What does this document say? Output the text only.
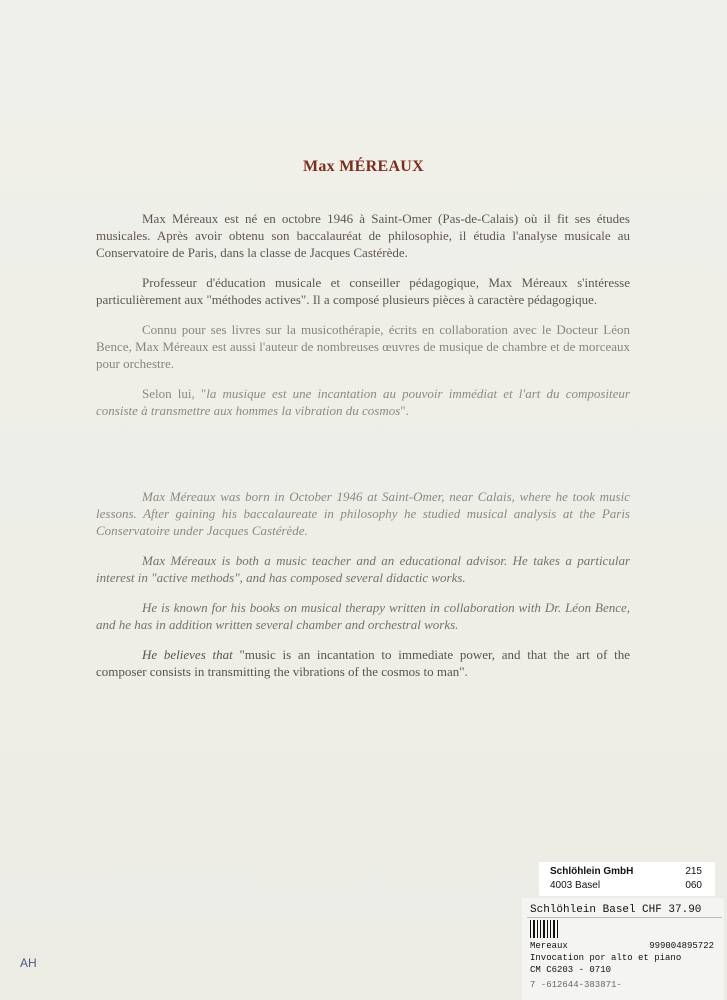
Max MÉREAUX

Max Méreaux est né en octobre 1946 à Saint-Omer (Pas-de-Calais) où il fit ses études musicales. Après avoir obtenu son baccalauréat de philosophie, il étudia l'analyse musicale au Conservatoire de Paris, dans la classe de Jacques Castérède.

Professeur d'éducation musicale et conseiller pédagogique, Max Méreaux s'intéresse particulièrement aux "méthodes actives". Il a composé plusieurs pièces à caractère pédagogique.

Connu pour ses livres sur la musicothérapie, écrits en collaboration avec le Docteur Léon Bence, Max Méreaux est aussi l'auteur de nombreuses œuvres de musique de chambre et de morceaux pour orchestre.

Selon lui, "la musique est une incantation au pouvoir immédiat et l'art du compositeur consiste à transmettre aux hommes la vibration du cosmos".

Max Méreaux was born in October 1946 at Saint-Omer, near Calais, where he took music lessons. After gaining his baccalaureate in philosophy he studied musical analysis at the Paris Conservatoire under Jacques Castérède.

Max Méreaux is both a music teacher and an educational advisor. He takes a particular interest in "active methods", and has composed several didactic works.

He is known for his books on musical therapy written in collaboration with Dr. Léon Bence, and he has in addition written several chamber and orchestral works.

He believes that "music is an incantation to immediate power, and that the art of the composer consists in transmitting the vibrations of the cosmos to man".

AH
Schlöhlein GmbH
4003 Basel
215
060
Schlöhlein Basel CHF 37.90
Mereaux	999004895722
Invocation por alto et piano
CM C6203 - 0710
7 -612644-383871-
